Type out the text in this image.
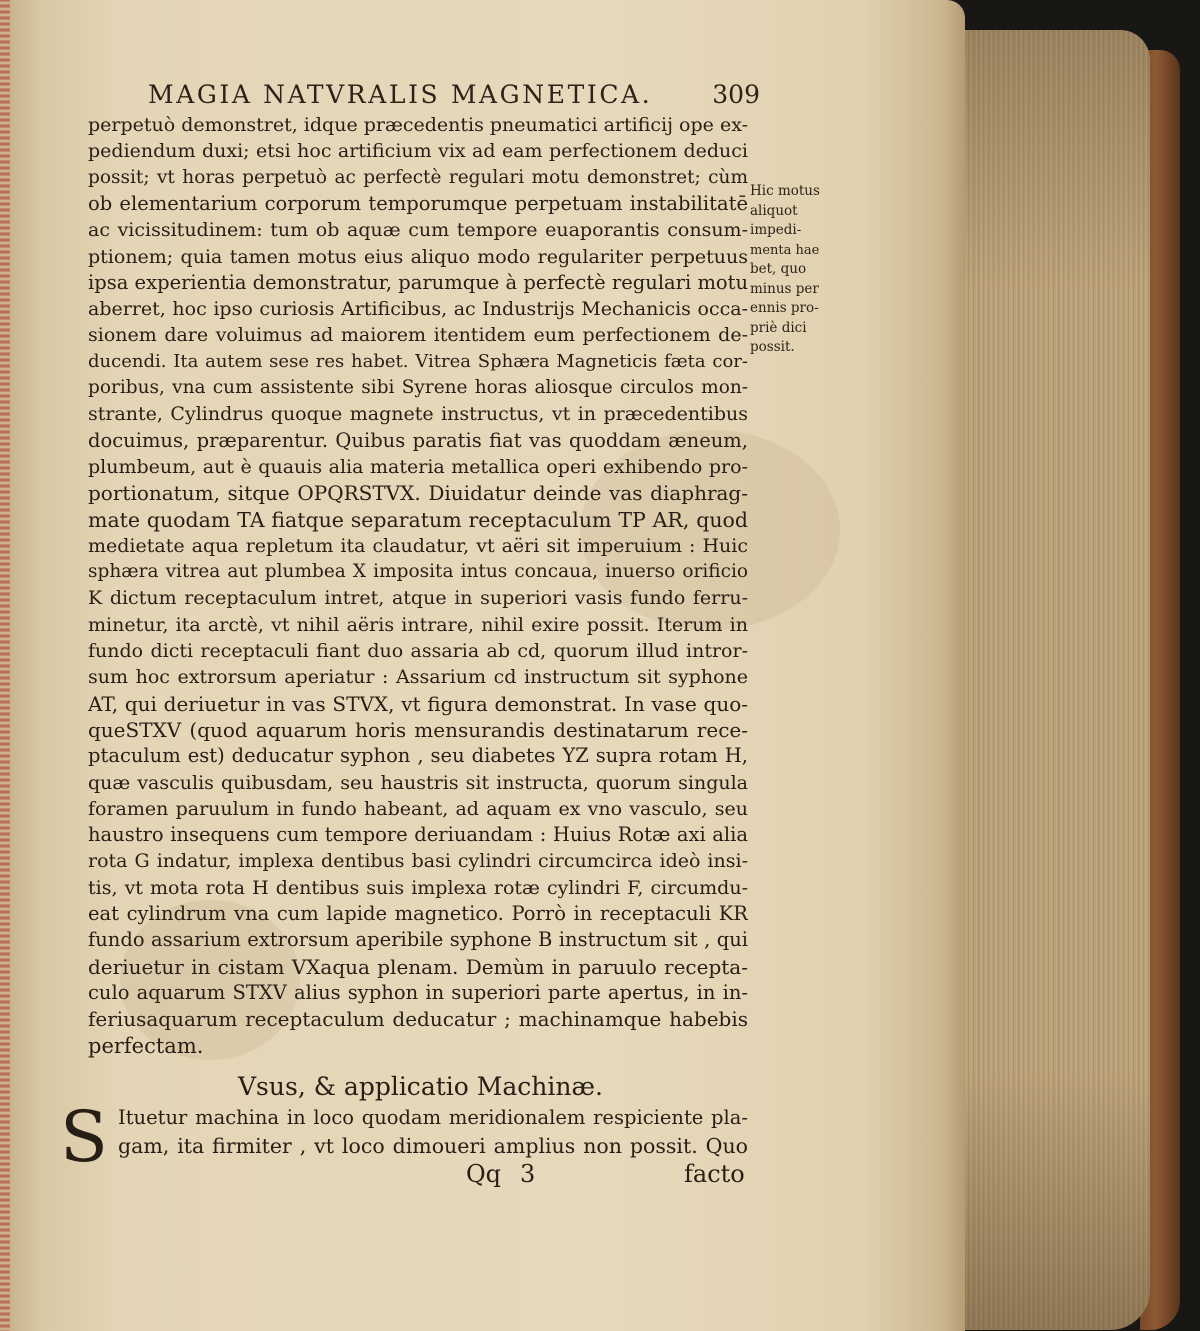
MAGIA NATVRALIS MAGNETICA. 309
perpetuò demonstret, idque præcedentis pneumatici artificij ope ex-
pediendum duxi; etsi hoc artificium vix ad eam perfectionem deduci
possit; vt horas perpetuò ac perfectè regulari motu demonstret; cùm
ob elementarium corporum temporumque perpetuam instabilitatē
ac vicissitudinem: tum ob aquæ cum tempore euaporantis consum-
ptionem; quia tamen motus eius aliquo modo regulariter perpetuus
ipsa experientia demonstratur, parumque à perfectè regulari motu
aberret, hoc ipso curiosis Artificibus, ac Industrijs Mechanicis occa-
sionem dare voluimus ad maiorem itentidem eum perfectionem de-
ducendi. Ita autem sese res habet. Vitrea Sphæra Magneticis fæta cor-
poribus, vna cum assistente sibi Syrene horas aliosque circulos mon-
strante, Cylindrus quoque magnete instructus, vt in præcedentibus
docuimus, præparentur. Quibus paratis fiat vas quoddam æneum,
plumbeum, aut è quauis alia materia metallica operi exhibendo pro-
portionatum, sitque OPQRSTVX. Diuidatur deinde vas diaphrag-
mate quodam TA fiatque separatum receptaculum TP AR, quod
medietate aqua repletum ita claudatur, vt aëri sit imperuium : Huic
sphæra vitrea aut plumbea X imposita intus concaua, inuerso orificio
K dictum receptaculum intret, atque in superiori vasis fundo ferru-
minetur, ita arctè, vt nihil aëris intrare, nihil exire possit. Iterum in
fundo dicti receptaculi fiant duo assaria ab cd, quorum illud intror-
sum hoc extrorsum aperiatur : Assarium cd instructum sit syphone
AT, qui deriuetur in vas STVX, vt figura demonstrat. In vase quo-
queSTXV (quod aquarum horis mensurandis destinatarum rece-
ptaculum est) deducatur syphon , seu diabetes YZ supra rotam H,
quæ vasculis quibusdam, seu haustris sit instructa, quorum singula
foramen paruulum in fundo habeant, ad aquam ex vno vasculo, seu
haustro insequens cum tempore deriuandam : Huius Rotæ axi alia
rota G indatur, implexa dentibus basi cylindri circumcirca ideò insi-
tis, vt mota rota H dentibus suis implexa rotæ cylindri F, circumdu-
eat cylindrum vna cum lapide magnetico. Porrò in receptaculi KR
fundo assarium extrorsum aperibile syphone B instructum sit , qui
deriuetur in cistam VXaqua plenam. Demùm in paruulo recepta-
culo aquarum STXV alius syphon in superiori parte apertus, in in-
feriusaquarum receptaculum deducatur ; machinamque habebis
perfectam.
Vsus, & applicatio Machinæ.
S Ituetur machina in loco quodam meridionalem respiciente pla-
gam, ita firmiter , vt loco dimoueri amplius non possit. Quo
Qq 3	facto
Hic motus
aliquot
impedi-
menta hae
bet, quo
minus per
ennis pro-
priè dici
possit.
